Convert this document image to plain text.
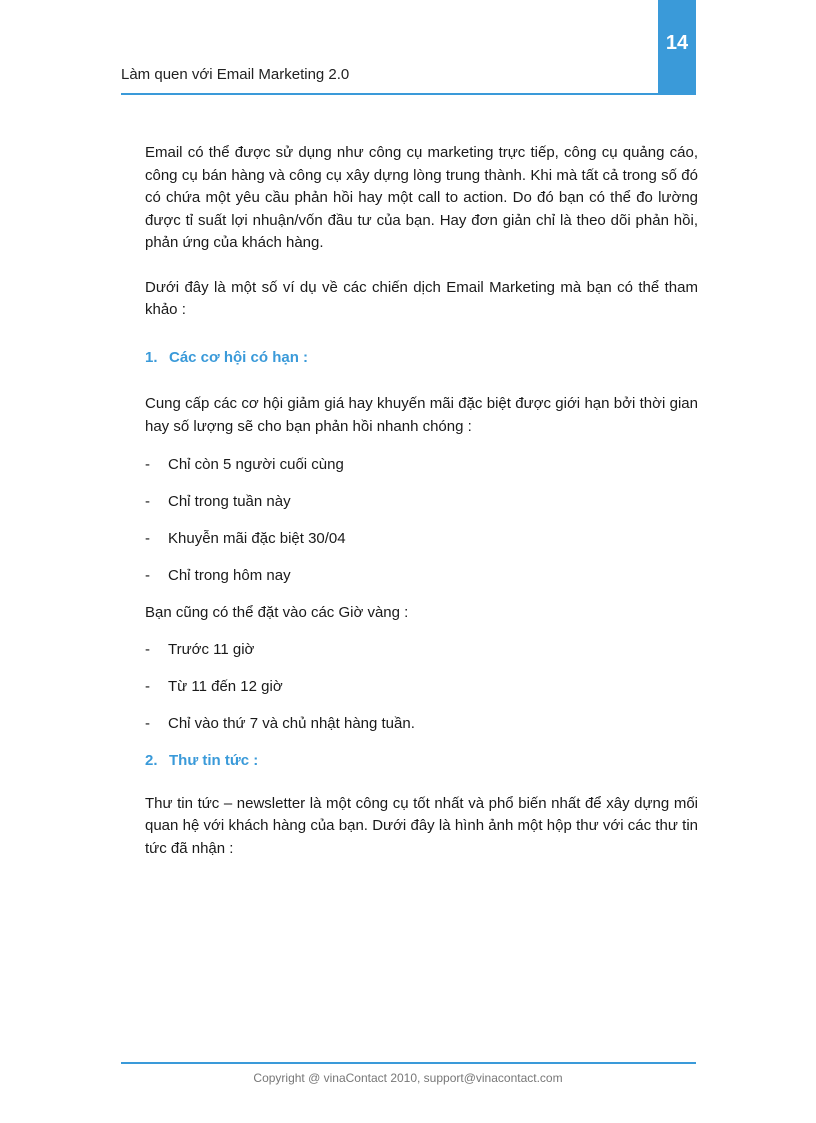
14
Làm quen với Email Marketing 2.0

Email có thể được sử dụng như công cụ marketing trực tiếp, công cụ quảng cáo, công cụ bán hàng và công cụ xây dựng lòng trung thành. Khi mà tất cả trong số đó có chứa một yêu cầu phản hồi hay một call to action. Do đó bạn có thể đo lường được tỉ suất lợi nhuận/vốn đầu tư của bạn. Hay đơn giản chỉ là theo dõi phản hồi, phản ứng của khách hàng.

Dưới đây là một số ví dụ về các chiến dịch Email Marketing mà bạn có thể tham khảo :

1. Các cơ hội có hạn :

Cung cấp các cơ hội giảm giá hay khuyến mãi đặc biệt được giới hạn bởi thời gian hay số lượng sẽ cho bạn phản hồi nhanh chóng :

-	Chỉ còn 5 người cuối cùng
-	Chỉ trong tuần này
-	Khuyễn mãi đặc biệt 30/04
-	Chỉ trong hôm nay

Bạn cũng có thể đặt vào các Giờ vàng :

-	Trước 11 giờ
-	Từ 11 đến 12 giờ
-	Chỉ vào thứ 7 và chủ nhật hàng tuần.
2. Thư tin tức :

Thư tin tức – newsletter là một công cụ tốt nhất và phổ biến nhất để xây dựng mối quan hệ với khách hàng của bạn. Dưới đây là hình ảnh một hộp thư với các thư tin tức đã nhận :

Copyright @ vinaContact 2010, support@vinacontact.com
